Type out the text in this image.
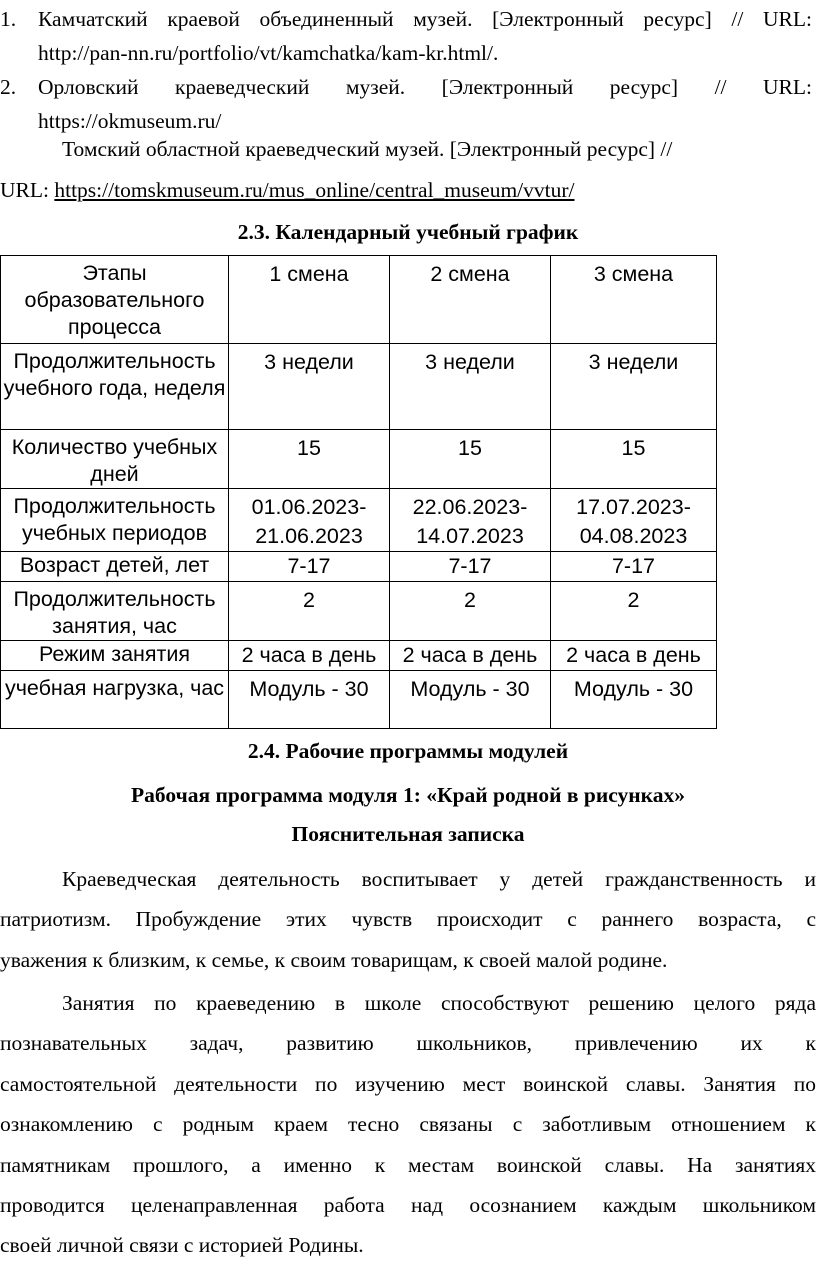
1. Камчатский краевой объединенный музей. [Электронный ресурс] // URL:
http://pan-nn.ru/portfolio/vt/kamchatka/kam-kr.html/.
2. Орловский краеведческий музей. [Электронный ресурс] // URL:
https://okmuseum.ru/
Томский областной краеведческий музей. [Электронный ресурс] //
URL: https://tomskmuseum.ru/mus_online/central_museum/vvtur/
2.3. Календарный учебный график
Этапы образовательного процесса	1 смена	2 смена	3 смена
Продолжительность учебного года, неделя	3 недели	3 недели	3 недели
Количество учебных дней	15	15	15
Продолжительность учебных периодов	01.06.2023-21.06.2023	22.06.2023-14.07.2023	17.07.2023-04.08.2023
Возраст детей, лет	7-17	7-17	7-17
Продолжительность занятия, час	2	2	2
Режим занятия	2 часа в день	2 часа в день	2 часа в день
учебная нагрузка, час	Модуль - 30	Модуль - 30	Модуль - 30
2.4. Рабочие программы модулей
Рабочая программа модуля 1: «Край родной в рисунках»
Пояснительная записка
Краеведческая деятельность воспитывает у детей гражданственность и
патриотизм. Пробуждение этих чувств происходит с раннего возраста, с
уважения к близким, к семье, к своим товарищам, к своей малой родине.
Занятия по краеведению в школе способствуют решению целого ряда
познавательных задач, развитию школьников, привлечению их к
самостоятельной деятельности по изучению мест воинской славы. Занятия по
ознакомлению с родным краем тесно связаны с заботливым отношением к
памятникам прошлого, а именно к местам воинской славы. На занятиях
проводится целенаправленная работа над осознанием каждым школьником
своей личной связи с историей Родины.
